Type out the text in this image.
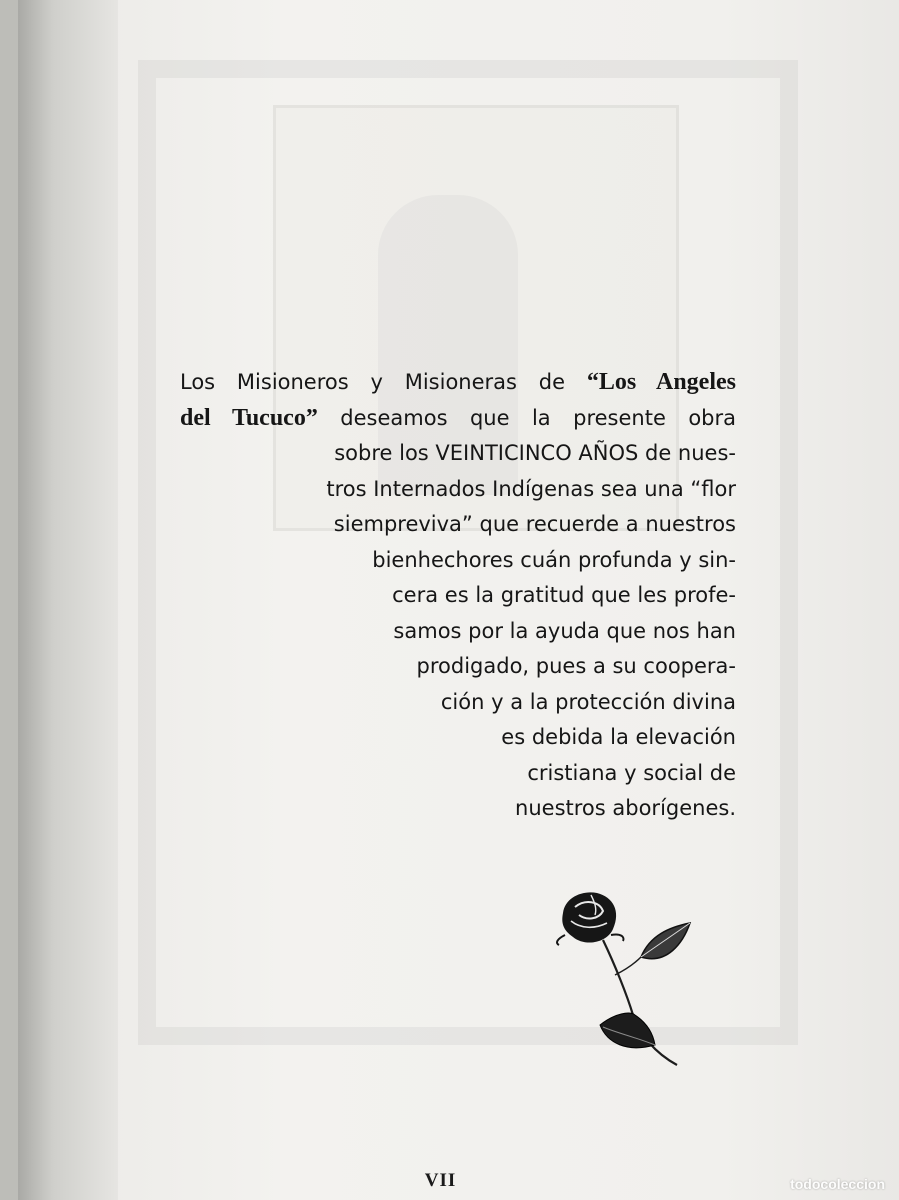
Los Misioneros y Misioneras de “Los Angeles
del Tucuco” deseamos que la presente obra
sobre los VEINTICINCO AÑOS de nues-
tros Internados Indígenas sea una “flor
siempreviva” que recuerde a nuestros
bienhechores cuán profunda y sin-
cera es la gratitud que les profe-
samos por la ayuda que nos han
prodigado, pues a su coopera-
ción y a la protección divina
es debida la elevación
cristiana y social de
nuestros aborígenes.
VII	todocoleccion
